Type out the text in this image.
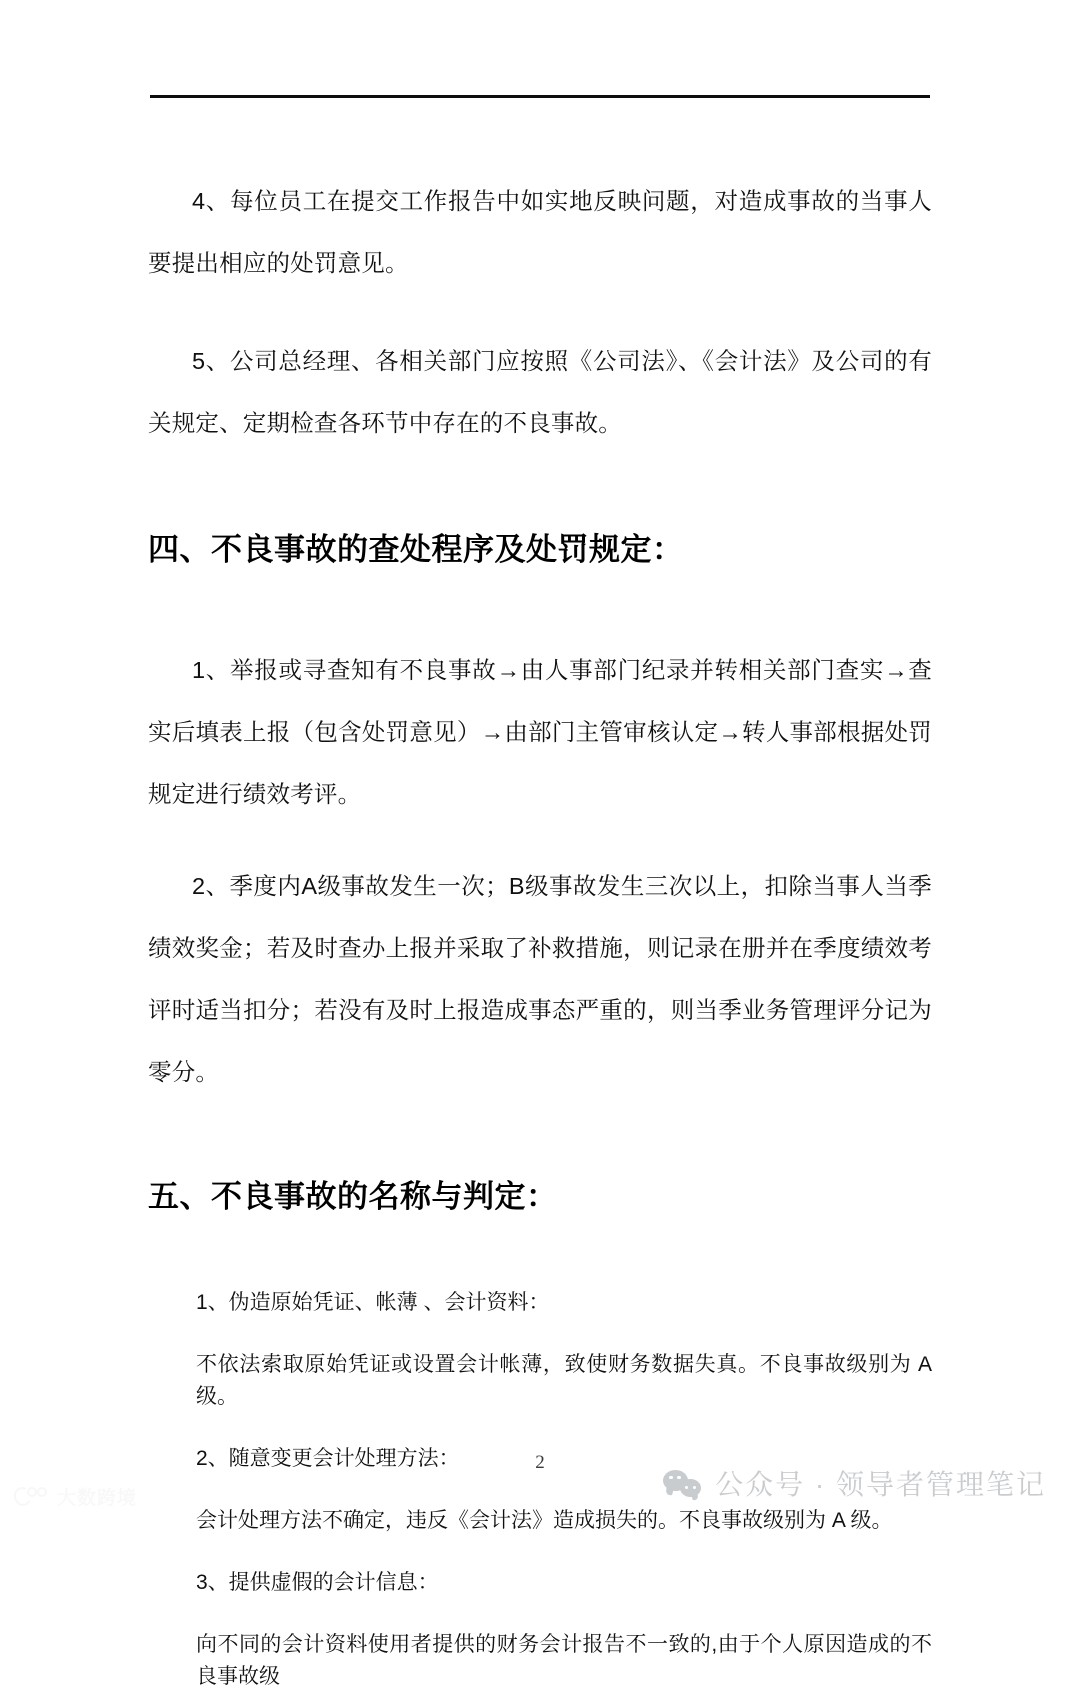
4、每位员工在提交工作报告中如实地反映问题，对造成事故的当事人要提出相应的处罚意见。

5、公司总经理、各相关部门应按照《公司法》、《会计法》及公司的有关规定、定期检查各环节中存在的不良事故。

四、不良事故的查处程序及处罚规定：

1、举报或寻查知有不良事故→由人事部门纪录并转相关部门查实→查实后填表上报（包含处罚意见）→由部门主管审核认定→转人事部根据处罚规定进行绩效考评。

2、季度内A级事故发生一次；B级事故发生三次以上，扣除当事人当季绩效奖金；若及时查办上报并采取了补救措施，则记录在册并在季度绩效考评时适当扣分；若没有及时上报造成事态严重的，则当季业务管理评分记为零分。

五、不良事故的名称与判定：

1、伪造原始凭证、帐薄 、会计资料：

不依法索取原始凭证或设置会计帐薄，致使财务数据失真。不良事故级别为 A 级。

2、随意变更会计处理方法：

会计处理方法不确定，违反《会计法》造成损失的。不良事故级别为 A 级。

3、提供虚假的会计信息：

向不同的会计资料使用者提供的财务会计报告不一致的,由于个人原因造成的不良事故级

2
公众号 · 领导者管理笔记
大数跨境
